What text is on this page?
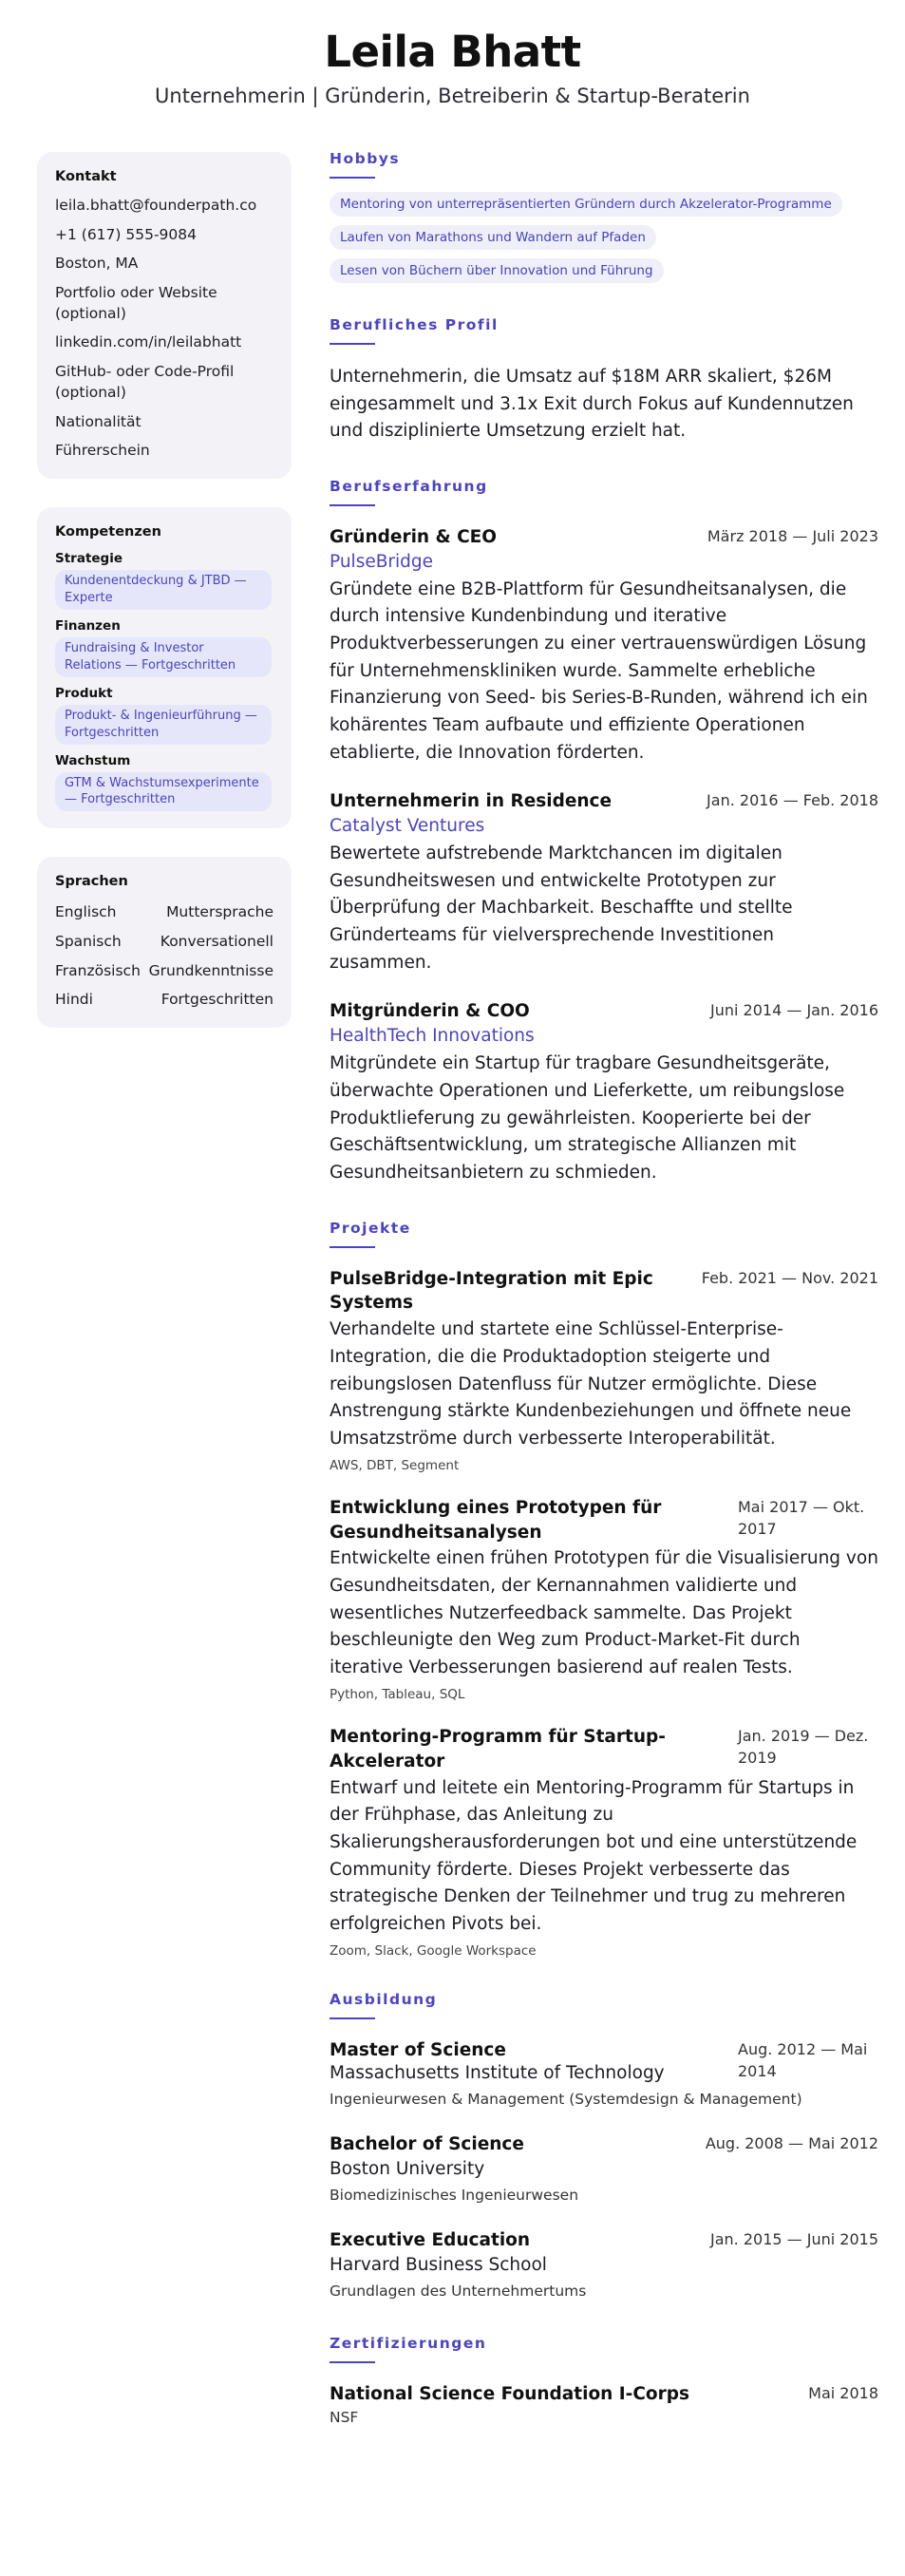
Leila Bhatt
Unternehmerin | Gründerin, Betreiberin & Startup-Beraterin
Kontakt
leila.bhatt@founderpath.co
+1 (617) 555-9084
Boston, MA
Portfolio oder Website (optional)
linkedin.com/in/leilabhatt
GitHub- oder Code-Profil (optional)
Nationalität
Führerschein
Kompetenzen
Strategie
Kundenentdeckung & JTBD — Experte
Finanzen
Fundraising & Investor Relations — Fortgeschritten
Produkt
Produkt- & Ingenieurführung — Fortgeschritten
Wachstum
GTM & Wachstumsexperimente — Fortgeschritten
Sprachen
Englisch	Muttersprache
Spanisch	Konversationell
Französisch Grundkenntnisse
Hindi	Fortgeschritten
Hobbys
Mentoring von unterrepräsentierten Gründern durch Akzelerator-Programme
Laufen von Marathons und Wandern auf Pfaden
Lesen von Büchern über Innovation und Führung
Berufliches Profil
Unternehmerin, die Umsatz auf $18M ARR skaliert, $26M eingesammelt und 3.1x Exit durch Fokus auf Kundennutzen und disziplinierte Umsetzung erzielt hat.
Berufserfahrung
Gründerin & CEO	März 2018 — Juli 2023
PulseBridge
Gründete eine B2B-Plattform für Gesundheitsanalysen, die durch intensive Kundenbindung und iterative Produktverbesserungen zu einer vertrauenswürdigen Lösung für Unternehmenskliniken wurde. Sammelte erhebliche Finanzierung von Seed- bis Series-B-Runden, während ich ein kohärentes Team aufbaute und effiziente Operationen etablierte, die Innovation förderten.
Unternehmerin in Residence	Jan. 2016 — Feb. 2018
Catalyst Ventures
Bewertete aufstrebende Marktchancen im digitalen Gesundheitswesen und entwickelte Prototypen zur Überprüfung der Machbarkeit. Beschaffte und stellte Gründerteams für vielversprechende Investitionen zusammen.
Mitgründerin & COO	Juni 2014 — Jan. 2016
HealthTech Innovations
Mitgründete ein Startup für tragbare Gesundheitsgeräte, überwachte Operationen und Lieferkette, um reibungslose Produktlieferung zu gewährleisten. Kooperierte bei der Geschäftsentwicklung, um strategische Allianzen mit Gesundheitsanbietern zu schmieden.
Projekte
PulseBridge-Integration mit Epic Systems
Feb. 2021 — Nov. 2021
Verhandelte und startete eine Schlüssel-Enterprise-Integration, die die Produktadoption steigerte und reibungslosen Datenfluss für Nutzer ermöglichte. Diese Anstrengung stärkte Kundenbeziehungen und öffnete neue Umsatzströme durch verbesserte Interoperabilität.
AWS, DBT, Segment
Entwicklung eines Prototypen für Gesundheitsanalysen
Mai 2017 — Okt. 2017
Entwickelte einen frühen Prototypen für die Visualisierung von Gesundheitsdaten, der Kernannahmen validierte und wesentliches Nutzerfeedback sammelte. Das Projekt beschleunigte den Weg zum Product-Market-Fit durch iterative Verbesserungen basierend auf realen Tests.
Python, Tableau, SQL
Mentoring-Programm für Startup-Akcelerator
Jan. 2019 — Dez. 2019
Entwarf und leitete ein Mentoring-Programm für Startups in der Frühphase, das Anleitung zu Skalierungsherausforderungen bot und eine unterstützende Community förderte. Dieses Projekt verbesserte das strategische Denken der Teilnehmer und trug zu mehreren erfolgreichen Pivots bei.
Zoom, Slack, Google Workspace
Ausbildung
Master of Science	Aug. 2012 — Mai 2014
Massachusetts Institute of Technology
Ingenieurwesen & Management (Systemdesign & Management)
Bachelor of Science	Aug. 2008 — Mai 2012
Boston University
Biomedizinisches Ingenieurwesen
Executive Education	Jan. 2015 — Juni 2015
Harvard Business School
Grundlagen des Unternehmertums
Zertifizierungen
National Science Foundation I-Corps	Mai 2018
NSF
